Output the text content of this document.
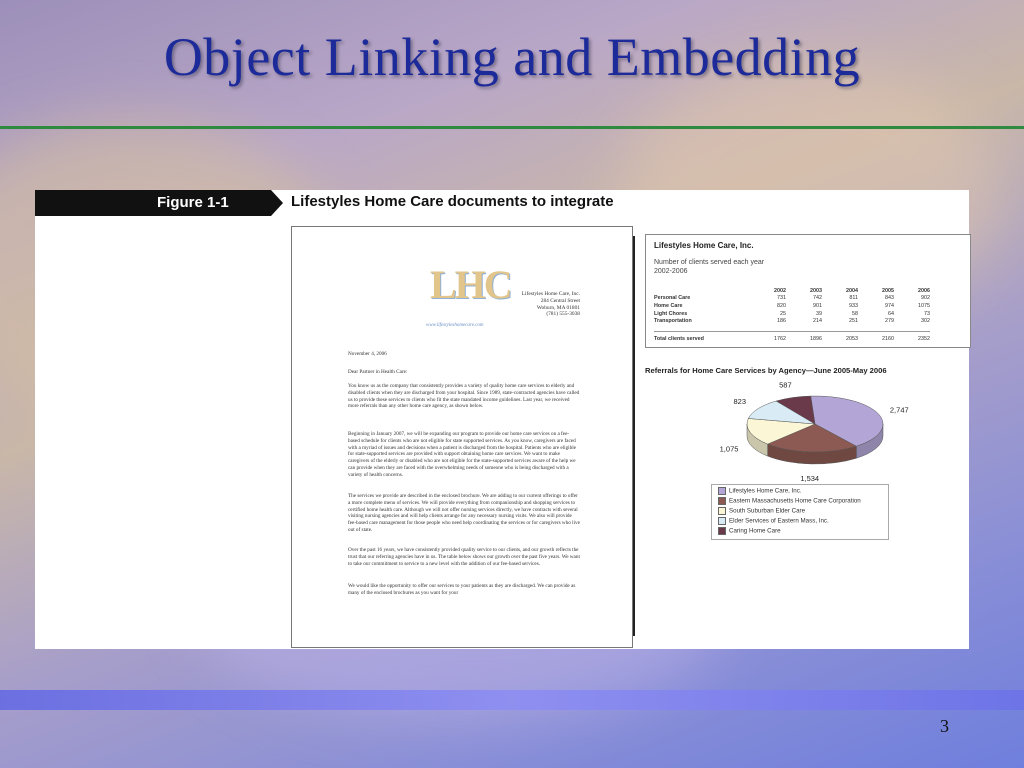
Object Linking and Embedding
Figure 1-1	Lifestyles Home Care documents to integrate
LHC	Lifestyles Home Care, Inc.
284 Central Street
Woburn, MA 01801
(781) 555-3038
www.lifestyleshomecare.com
November 4, 2006
Dear Partner in Health Care:
You know us as the company that consistently provides a variety of quality home care services to elderly and disabled clients when they are discharged from your hospital. Since 1989, state-contracted agencies have called us to provide these services to clients who fit the state mandated income guidelines. Last year, we received more referrals than any other home care agency, as shown below.
Beginning in January 2007, we will be expanding our program to provide our home care services on a fee-based schedule for clients who are not eligible for state supported services. As you know, caregivers are faced with a myriad of issues and decisions when a patient is discharged from the hospital. Patients who are eligible for state-supported services are provided with support obtaining home care services. We want to make caregivers of the elderly or disabled who are not eligible for the state-supported services aware of the help we can provide when they are faced with the overwhelming needs of someone who is being discharged with a variety of health concerns.
The services we provide are described in the enclosed brochure. We are adding to our current offerings to offer a more complete menu of services. We will provide everything from companionship and shopping services to certified home health care. Although we will not offer nursing services directly, we have contracts with several visiting nursing agencies and will help clients arrange for any necessary nursing visits. We also will provide fee-based care management for those people who need help coordinating the services or for caregivers who live out of state.
Over the past 16 years, we have consistently provided quality service to our clients, and our growth reflects the trust that our referring agencies have in us. The table below shows our growth over the past five years. We want to take our commitment to service to a new level with the addition of our fee-based services.
We would like the opportunity to offer our services to your patients as they are discharged. We can provide as many of the enclosed brochures as you want for your
Lifestyles Home Care, Inc.
Number of clients served each year
2002-2006
	2002	2003	2004	2005	2006
Personal Care	731	742	811	843	902
Home Care	820	901	933	974	1075
Light Chores	25	39	58	64	73
Transportation	186	214	251	279	302

Total clients served	1762	1896	2053	2160	2352
Referrals for Home Care Services by Agency—June 2005-May 2006
2,747
1,534
1,075
823
587
Lifestyles Home Care, Inc.
Eastern Massachusetts Home Care Corporation
South Suburban Elder Care
Elder Services of Eastern Mass, Inc.
Caring Home Care
3
